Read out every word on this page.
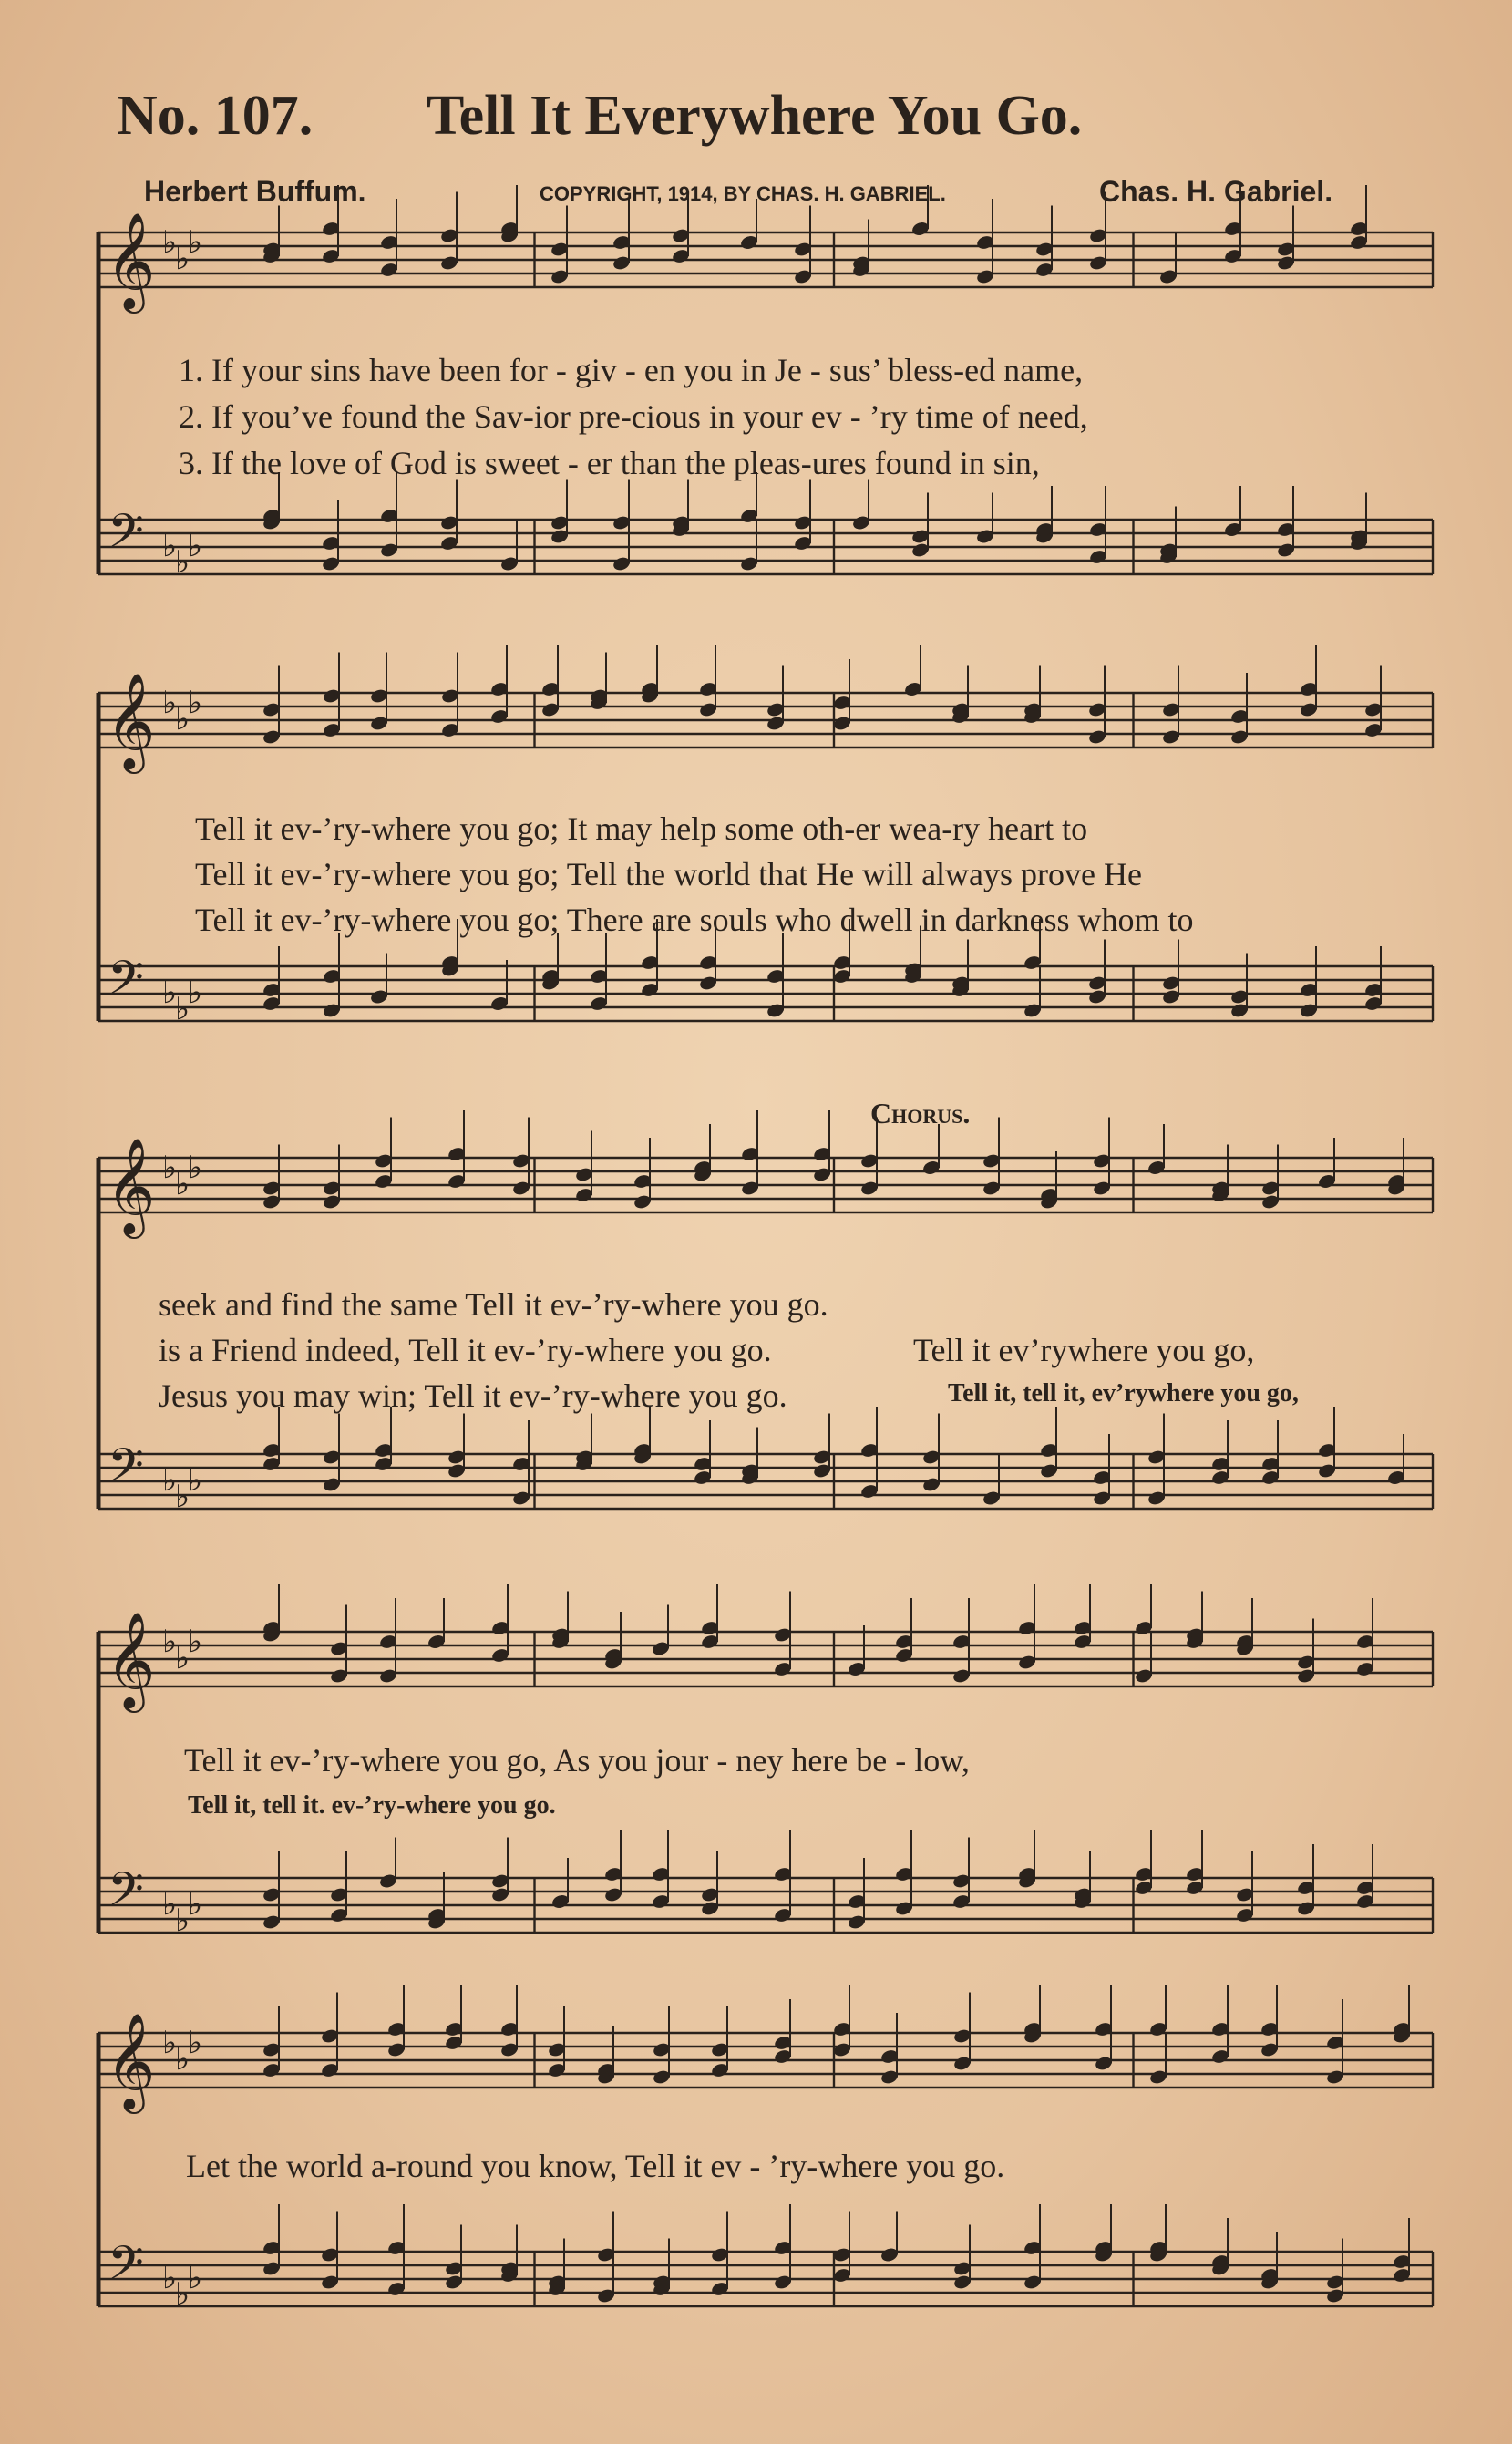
No. 107. Tell It Everywhere You Go.
Herbert Buffum.	COPYRIGHT, 1914, BY CHAS. H. GABRIEL.	Chas. H. Gabriel.
𝄞
𝄢
♭
♭
♭
♭
♭
♭
𝄞
𝄢
♭
♭
♭
♭
♭
♭
𝄞
𝄢
♭
♭
♭
♭
♭
♭
𝄞
𝄢
♭
♭
♭
♭
♭
♭
𝄞
𝄢
♭
♭
♭
♭
♭
♭
1. If your sins have been for - giv - en you in Je - sus’ bless-ed name,
2. If you’ve found the Sav-ior pre-cious in your ev - ’ry time of need,
3. If the love of God is sweet - er than the pleas-ures found in sin,
Tell it ev-’ry-where you go; It may help some oth-er wea-ry heart to
Tell it ev-’ry-where you go; Tell the world that He will always prove He
Tell it ev-’ry-where you go; There are souls who dwell in darkness whom to
Chorus.
seek and find the same Tell it ev-’ry-where you go.
is a Friend indeed, Tell it ev-’ry-where you go.	Tell it ev’rywhere you go,
Jesus you may win; Tell it ev-’ry-where you go.	Tell it, tell it, ev’rywhere you go,
Tell it ev-’ry-where you go, As you jour - ney here be - low,
Tell it, tell it. ev-’ry-where you go.
Let the world a-round you know, Tell it ev - ’ry-where you go.
